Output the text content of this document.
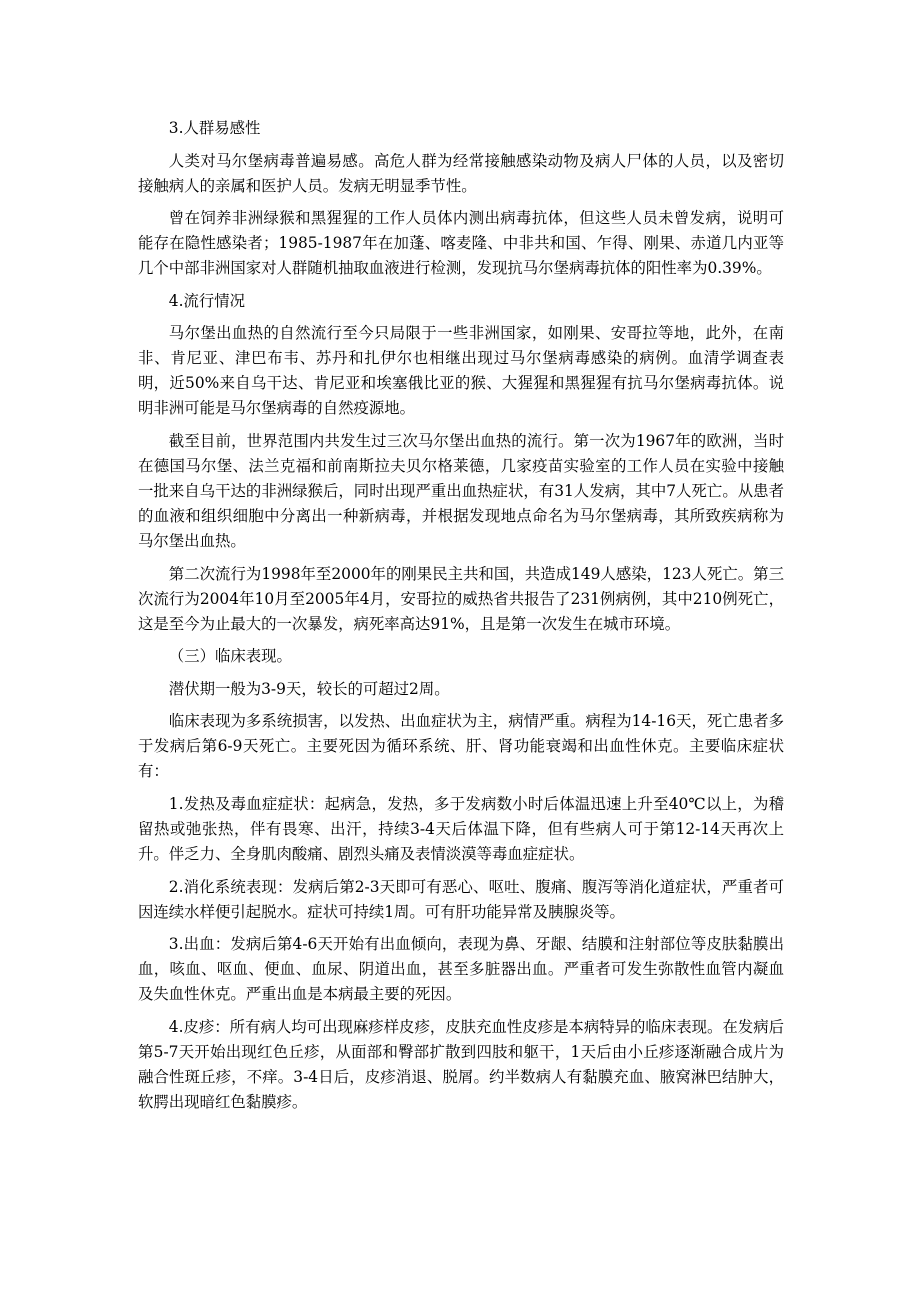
3.人群易感性

人类对马尔堡病毒普遍易感。高危人群为经常接触感染动物及病人尸体的人员，以及密切接触病人的亲属和医护人员。发病无明显季节性。

曾在饲养非洲绿猴和黑猩猩的工作人员体内测出病毒抗体，但这些人员未曾发病，说明可能存在隐性感染者；1985-1987年在加蓬、喀麦隆、中非共和国、乍得、刚果、赤道几内亚等几个中部非洲国家对人群随机抽取血液进行检测，发现抗马尔堡病毒抗体的阳性率为0.39%。

4.流行情况

马尔堡出血热的自然流行至今只局限于一些非洲国家，如刚果、安哥拉等地，此外，在南非、肯尼亚、津巴布韦、苏丹和扎伊尔也相继出现过马尔堡病毒感染的病例。血清学调查表明，近50%来自乌干达、肯尼亚和埃塞俄比亚的猴、大猩猩和黑猩猩有抗马尔堡病毒抗体。说明非洲可能是马尔堡病毒的自然疫源地。

截至目前，世界范围内共发生过三次马尔堡出血热的流行。第一次为1967年的欧洲，当时在德国马尔堡、法兰克福和前南斯拉夫贝尔格莱德，几家疫苗实验室的工作人员在实验中接触一批来自乌干达的非洲绿猴后，同时出现严重出血热症状，有31人发病，其中7人死亡。从患者的血液和组织细胞中分离出一种新病毒，并根据发现地点命名为马尔堡病毒，其所致疾病称为马尔堡出血热。

第二次流行为1998年至2000年的刚果民主共和国，共造成149人感染，123人死亡。第三次流行为2004年10月至2005年4月，安哥拉的威热省共报告了231例病例，其中210例死亡，这是至今为止最大的一次暴发，病死率高达91%，且是第一次发生在城市环境。

（三）临床表现。

潜伏期一般为3-9天，较长的可超过2周。

临床表现为多系统损害，以发热、出血症状为主，病情严重。病程为14-16天，死亡患者多于发病后第6-9天死亡。主要死因为循环系统、肝、肾功能衰竭和出血性休克。主要临床症状有：

1.发热及毒血症症状：起病急，发热，多于发病数小时后体温迅速上升至40℃以上，为稽留热或弛张热，伴有畏寒、出汗，持续3-4天后体温下降，但有些病人可于第12-14天再次上升。伴乏力、全身肌肉酸痛、剧烈头痛及表情淡漠等毒血症症状。

2.消化系统表现：发病后第2-3天即可有恶心、呕吐、腹痛、腹泻等消化道症状，严重者可因连续水样便引起脱水。症状可持续1周。可有肝功能异常及胰腺炎等。

3.出血：发病后第4-6天开始有出血倾向，表现为鼻、牙龈、结膜和注射部位等皮肤黏膜出血，咳血、呕血、便血、血尿、阴道出血，甚至多脏器出血。严重者可发生弥散性血管内凝血及失血性休克。严重出血是本病最主要的死因。

4.皮疹：所有病人均可出现麻疹样皮疹，皮肤充血性皮疹是本病特异的临床表现。在发病后第5-7天开始出现红色丘疹，从面部和臀部扩散到四肢和躯干，1天后由小丘疹逐渐融合成片为融合性斑丘疹，不痒。3-4日后，皮疹消退、脱屑。约半数病人有黏膜充血、腋窝淋巴结肿大，软腭出现暗红色黏膜疹。
